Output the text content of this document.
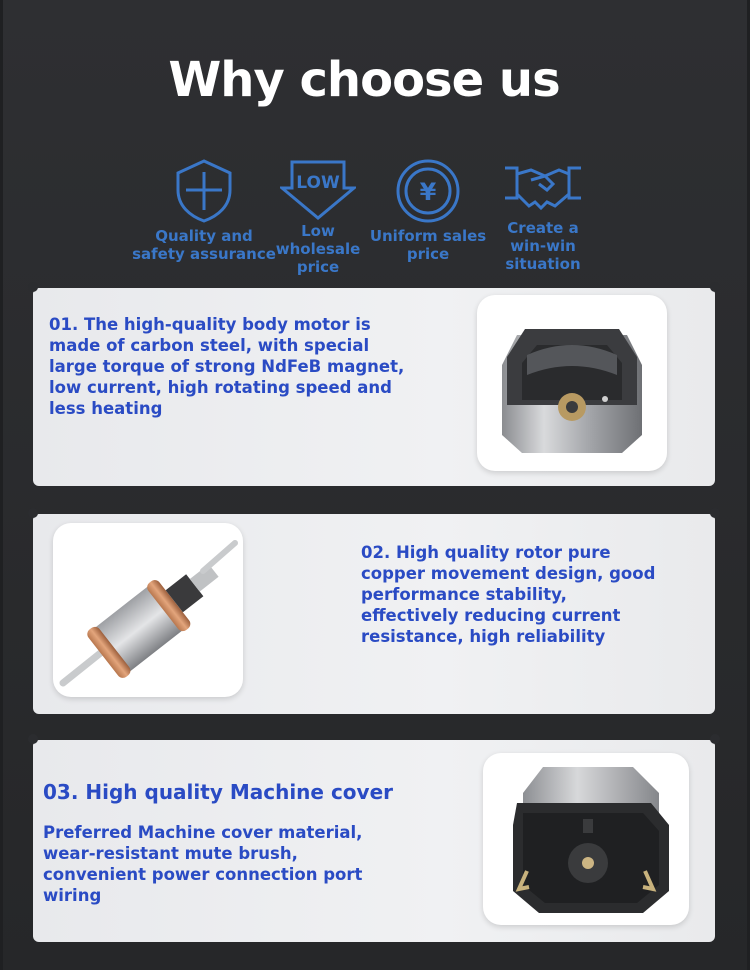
Why choose us
Quality and safety assurance
LOW
Low wholesale price
¥
Uniform sales price
Create a win-win situation

01. The high-quality body motor is made of carbon steel, with special large torque of strong NdFeB magnet, low current, high rotating speed and less heating

02. High quality rotor pure copper movement design, good performance stability, effectively reducing current resistance, high reliability

03. High quality Machine cover

Preferred Machine cover material, wear-resistant mute brush, convenient power connection port wiring
